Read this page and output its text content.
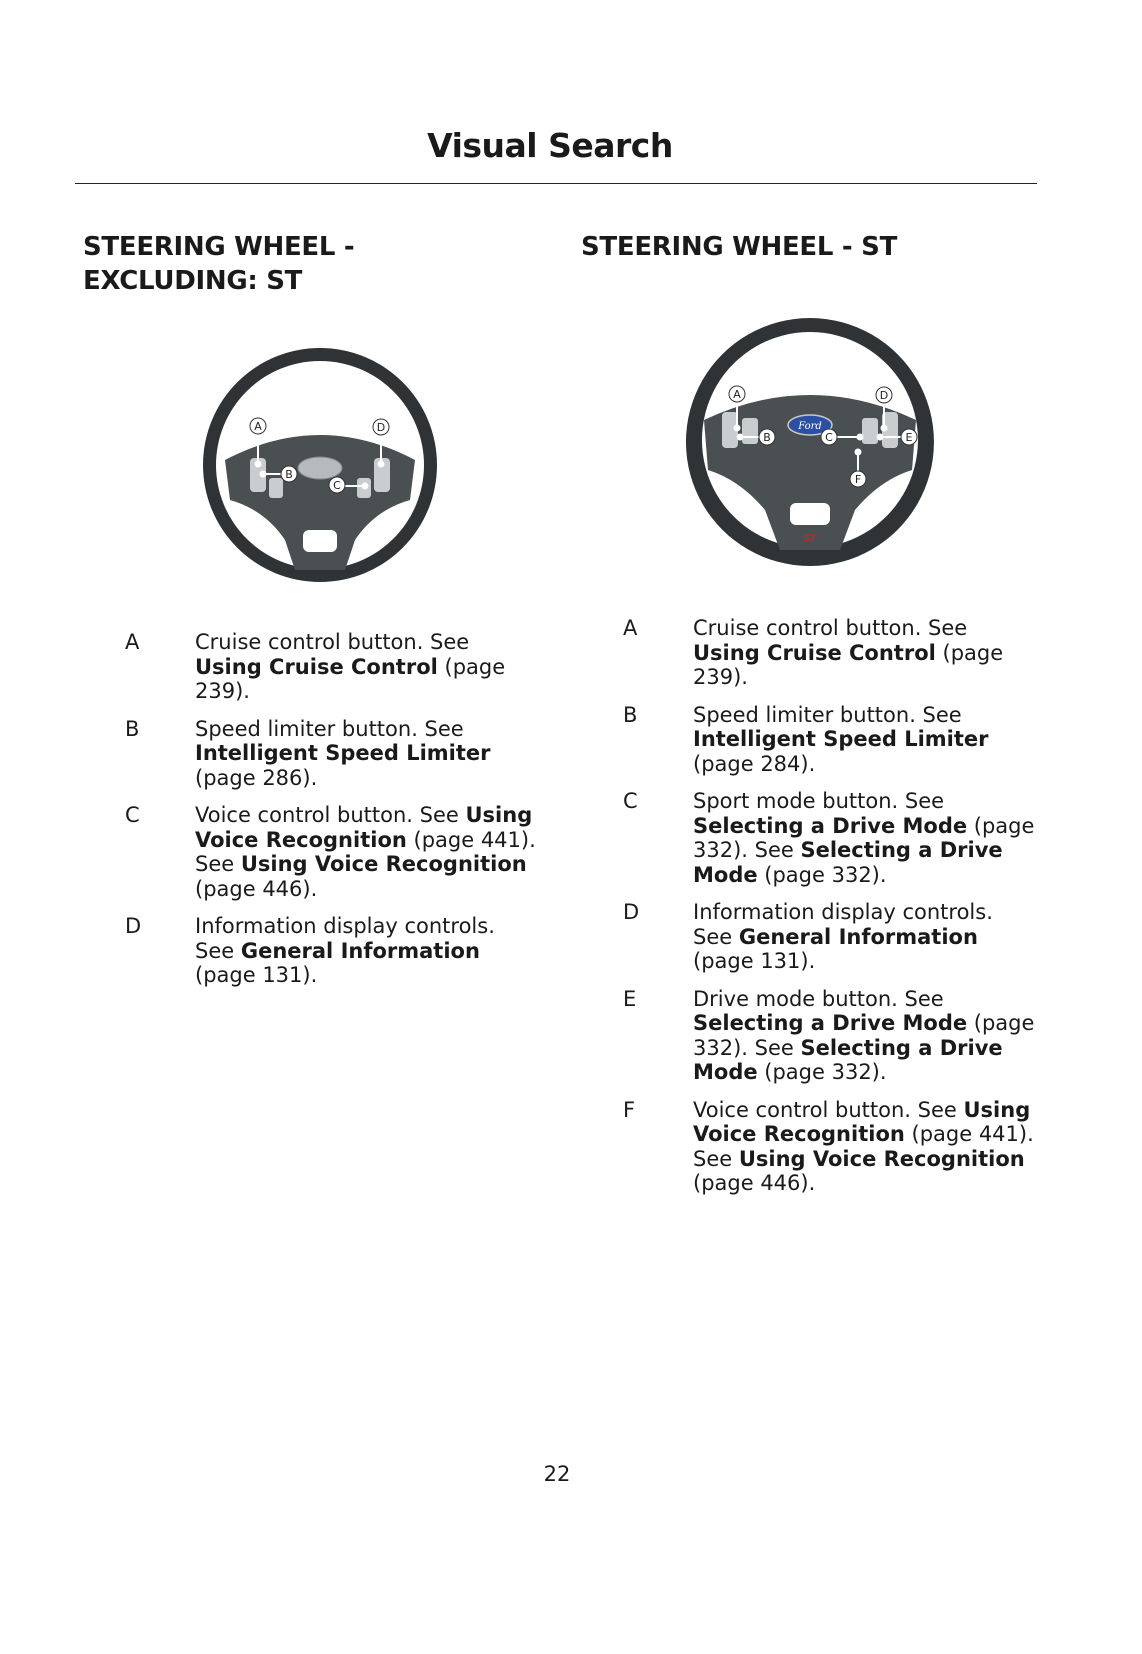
Visual Search
STEERING WHEEL -
EXCLUDING: ST
STEERING WHEEL - ST
A
B
C
D	Ford
ST
A
B	C
D
E
F
A	Cruise control button. See Using Cruise Control (page 239).
B	Speed limiter button. See Intelligent Speed Limiter (page 286).
C	Voice control button. See Using Voice Recognition (page 441). See Using Voice Recognition (page 446).
D	Information display controls. See General Information (page 131).
A	Cruise control button. See Using Cruise Control (page 239).
B	Speed limiter button. See Intelligent Speed Limiter (page 284).
C	Sport mode button. See Selecting a Drive Mode (page 332). See Selecting a Drive Mode (page 332).
D	Information display controls. See General Information (page 131).
E	Drive mode button. See Selecting a Drive Mode (page 332). See Selecting a Drive Mode (page 332).
F	Voice control button. See Using Voice Recognition (page 441). See Using Voice Recognition (page 446).
22
